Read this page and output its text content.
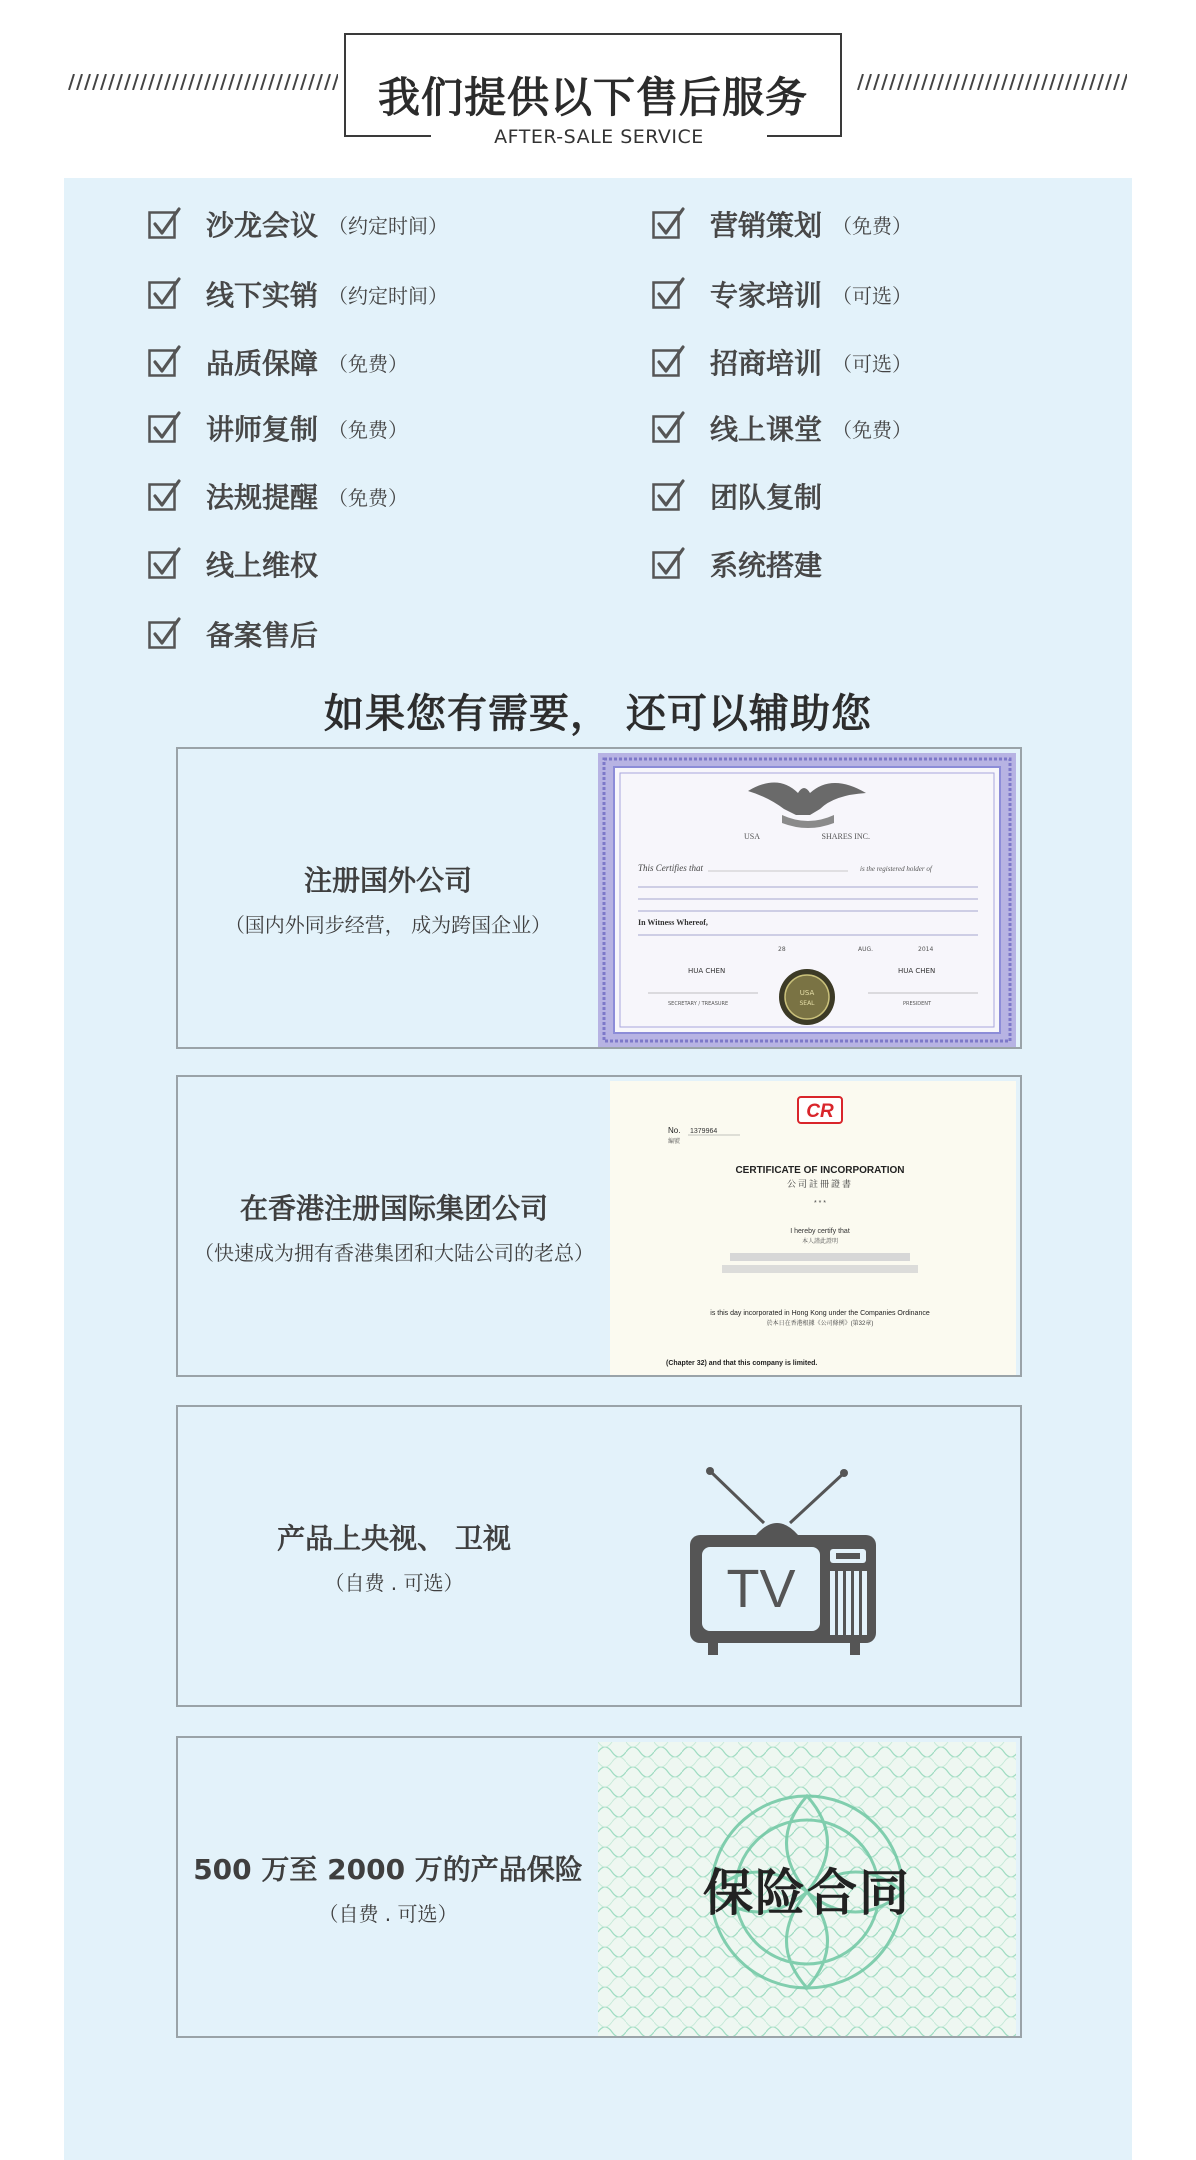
我们提供以下售后服务
AFTER-SALE SERVICE
沙龙会议 （约定时间）
线下实销 （约定时间）
品质保障 （免费）
讲师复制 （免费）
法规提醒 （免费）
线上维权
备案售后
营销策划 （免费）
专家培训 （可选）
招商培训 （可选）
线上课堂 （免费）
团队复制
系统搭建
如果您有需要， 还可以辅助您
注册国外公司
（国内外同步经营， 成为跨国企业）
USA	SHARES INC.
This Certifies that	is the registered holder of
In Witness Whereof,
28	AUG.	2014
HUA CHEN	HUA CHEN
SECRETARY / TREASURE	PRESIDENT
USA
SEAL
在香港注册国际集团公司
（快速成为拥有香港集团和大陆公司的老总）
CR
No. 1379964
編號
CERTIFICATE OF INCORPORATION
公司註冊證書
* * *
I hereby certify that
本人謹此證明
is this day incorporated in Hong Kong under the Companies Ordinance
於本日在香港根據《公司條例》(第32章)
(Chapter 32) and that this company is limited.
产品上央视、 卫视
（自费 . 可选）	TV
500 万至 2000 万的产品保险
（自费 . 可选）	保险合同
